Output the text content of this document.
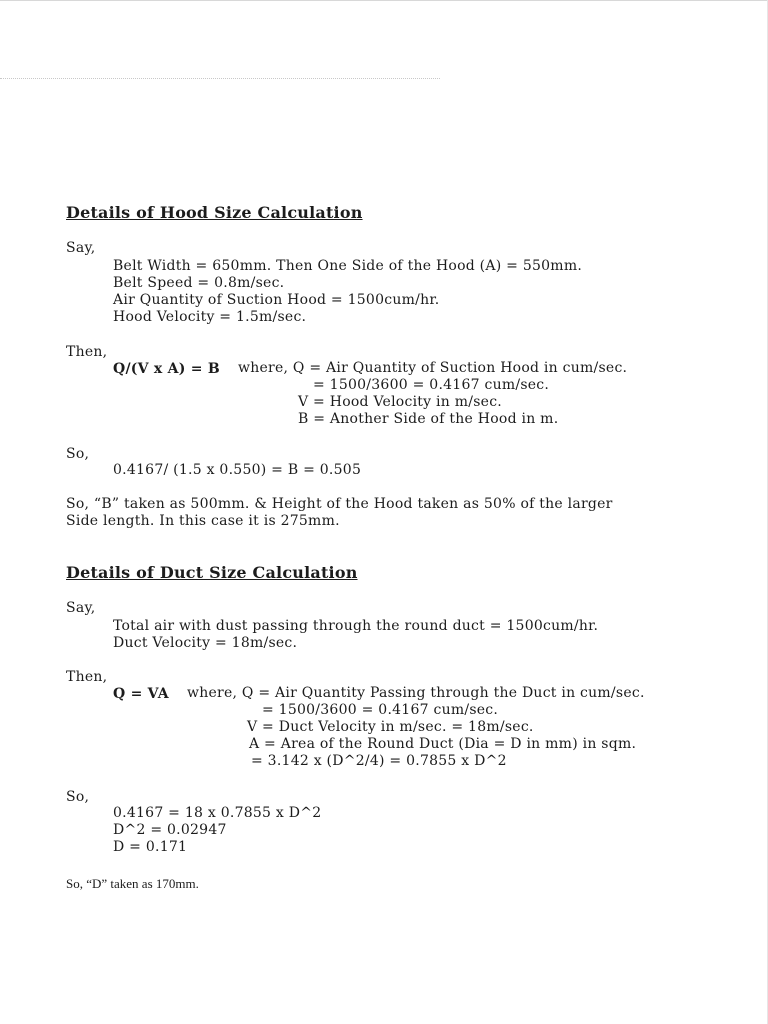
Details of Hood Size Calculation
Say,
Belt Width = 650mm. Then One Side of the Hood (A) = 550mm.
Belt Speed = 0.8m/sec.
Air Quantity of Suction Hood = 1500cum/hr.
Hood Velocity = 1.5m/sec.
Then,
Q/(V x A) = B where, Q = Air Quantity of Suction Hood in cum/sec.
= 1500/3600 = 0.4167 cum/sec.
V = Hood Velocity in m/sec.
B = Another Side of the Hood in m.
So,
0.4167/ (1.5 x 0.550) = B = 0.505
So, “B” taken as 500mm. & Height of the Hood taken as 50% of the larger
Side length. In this case it is 275mm.
Details of Duct Size Calculation
Say,
Total air with dust passing through the round duct = 1500cum/hr.
Duct Velocity = 18m/sec.
Then,
Q = VA where, Q = Air Quantity Passing through the Duct in cum/sec.
= 1500/3600 = 0.4167 cum/sec.
V = Duct Velocity in m/sec. = 18m/sec.
A = Area of the Round Duct (Dia = D in mm) in sqm.
= 3.142 x (D^2/4) = 0.7855 x D^2
So,
0.4167 = 18 x 0.7855 x D^2
D^2 = 0.02947
D = 0.171
So, “D” taken as 170mm.
